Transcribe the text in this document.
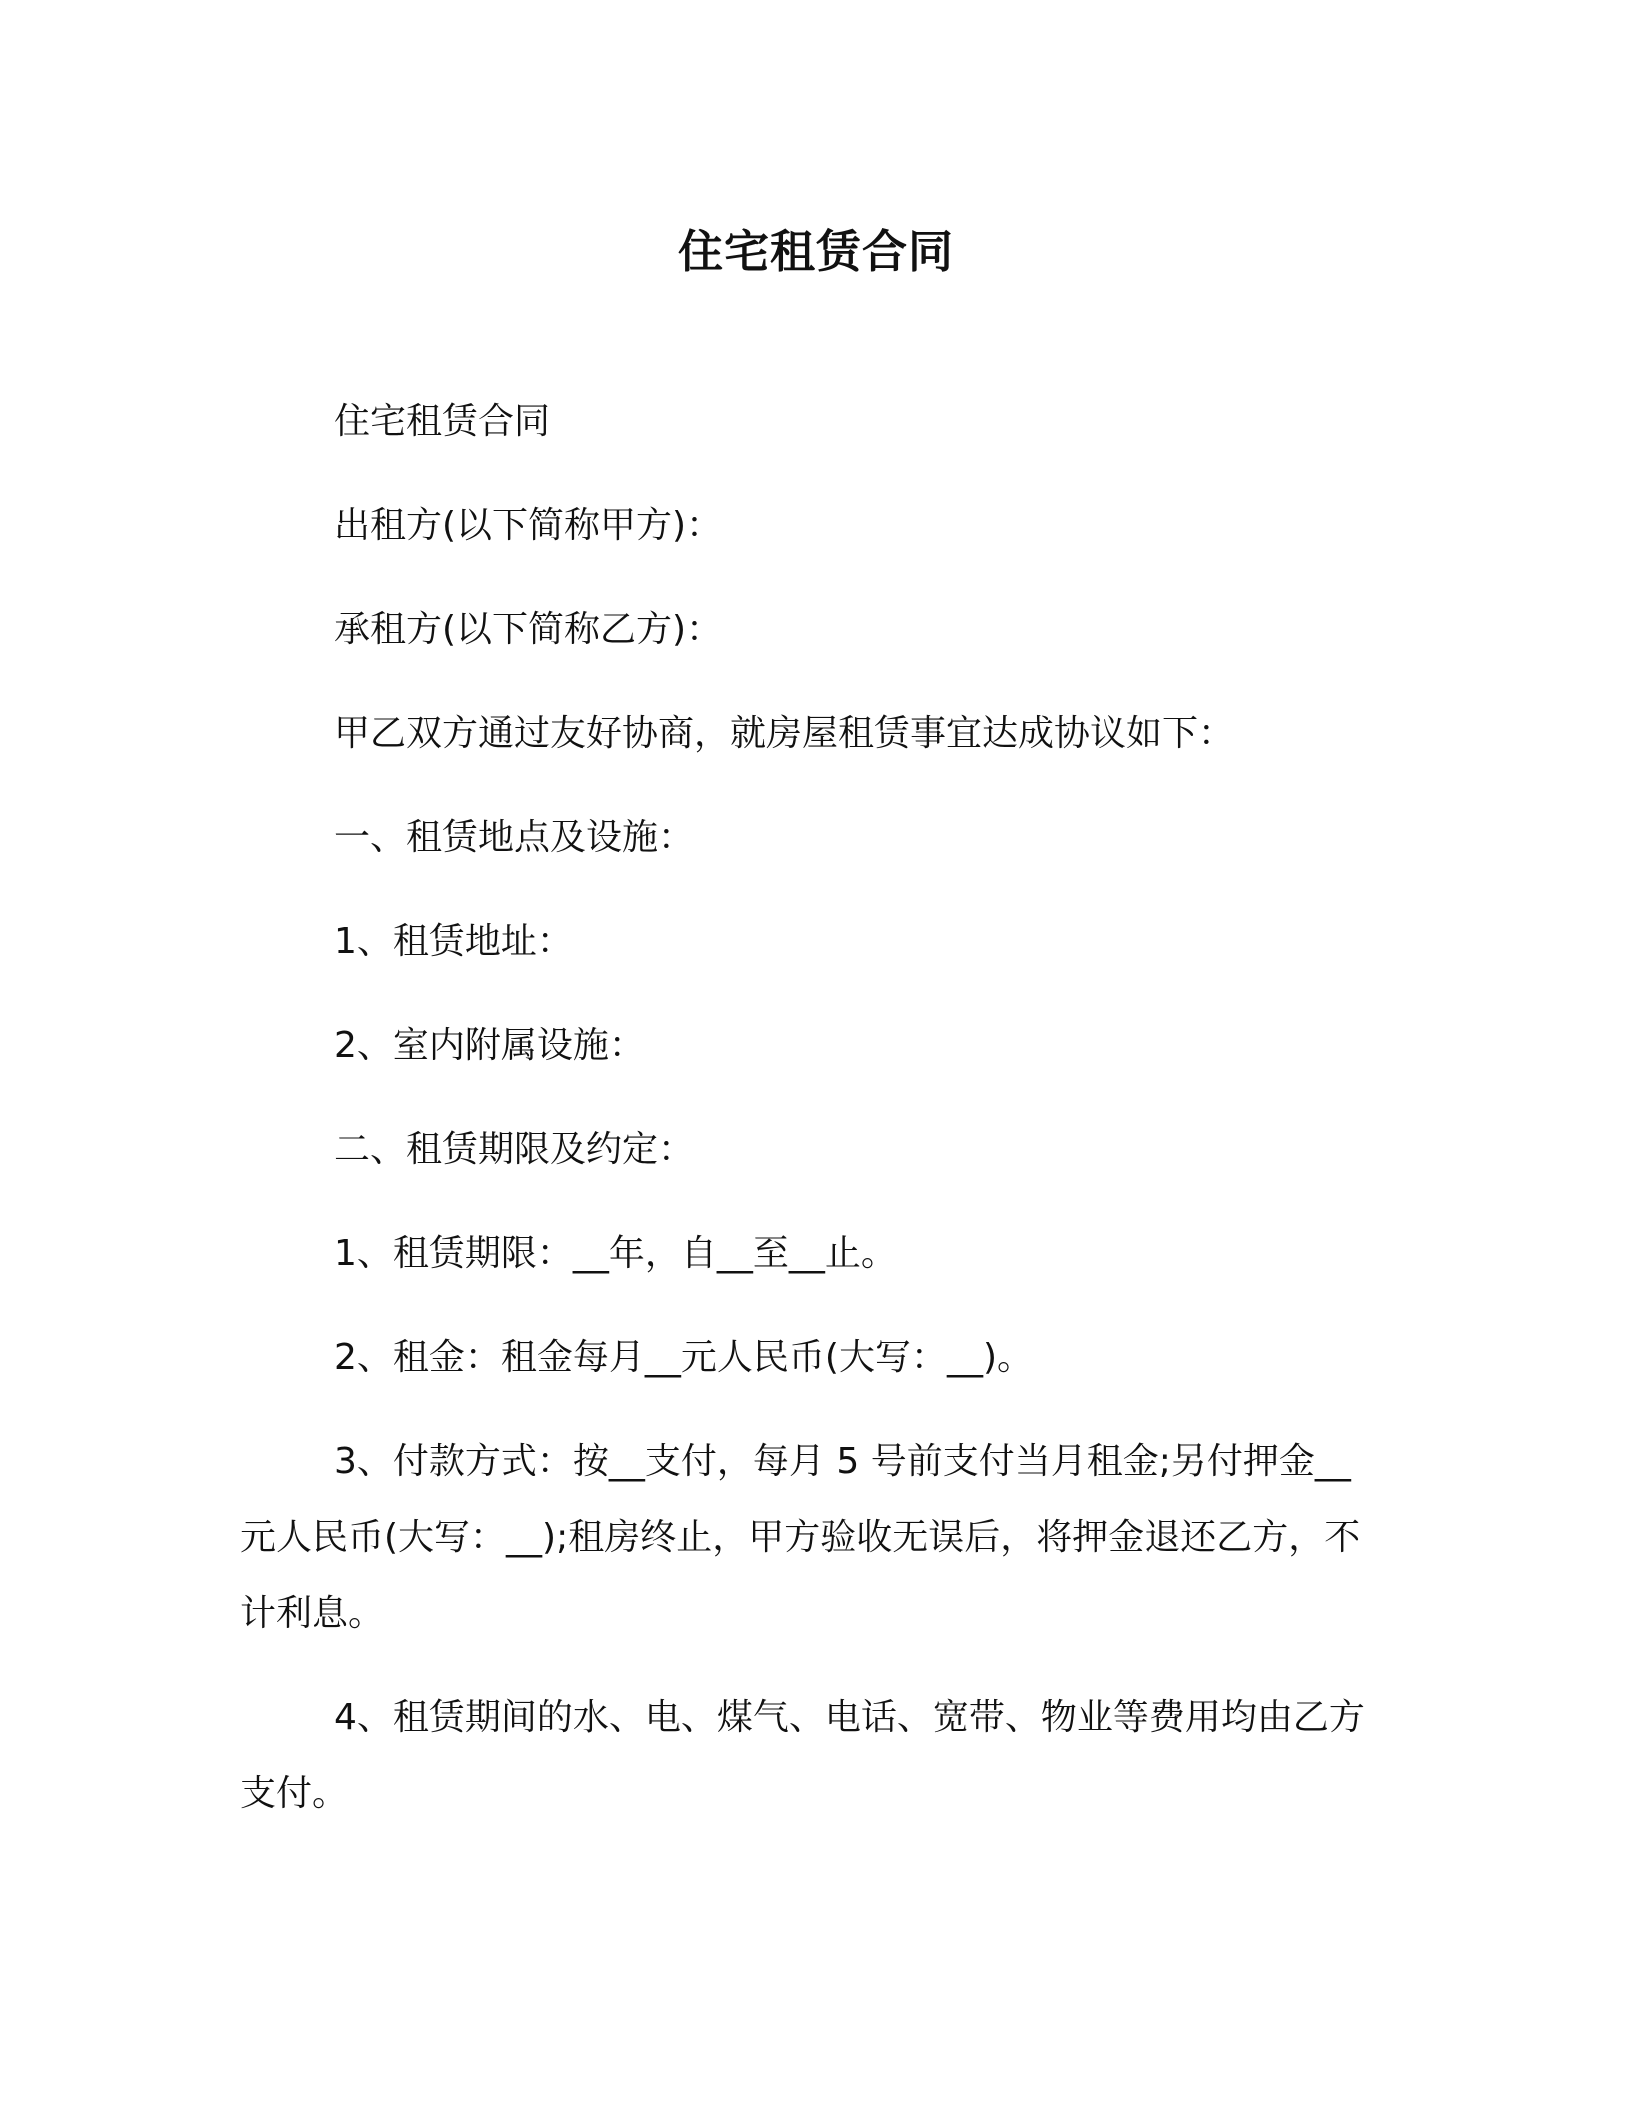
住宅租赁合同

住宅租赁合同

出租方(以下简称甲方)：

承租方(以下简称乙方)：

甲乙双方通过友好协商，就房屋租赁事宜达成协议如下：

一、租赁地点及设施：

1、租赁地址：

2、室内附属设施：

二、租赁期限及约定：

1、租赁期限：__年，自__至__止。

2、租金：租金每月__元人民币(大写：__)。

3、付款方式：按__支付，每月 5 号前支付当月租金;另付押金__元人民币(大写：__);租房终止，甲方验收无误后，将押金退还乙方，不计利息。

4、租赁期间的水、电、煤气、电话、宽带、物业等费用均由乙方支付。
